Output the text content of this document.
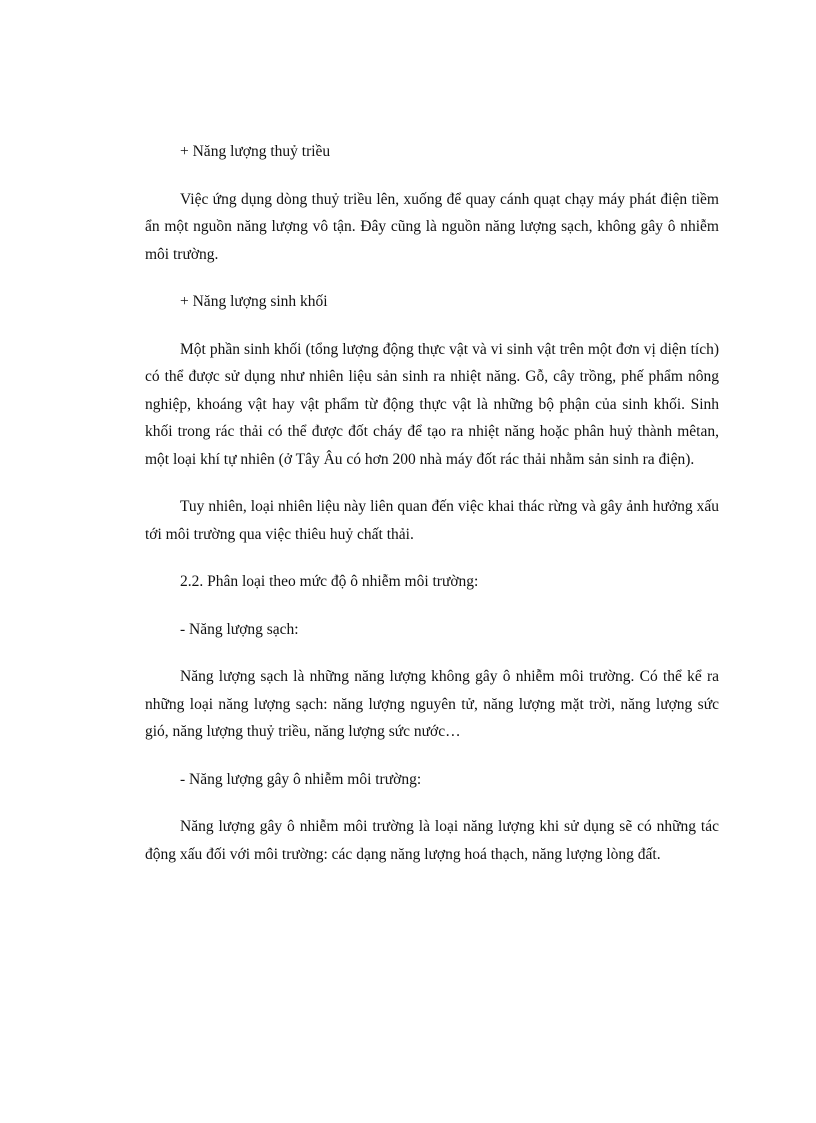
+ Năng lượng thuỷ triều

Việc ứng dụng dòng thuỷ triều lên, xuống để quay cánh quạt chạy máy phát điện tiềm ẩn một nguồn năng lượng vô tận. Đây cũng là nguồn năng lượng sạch, không gây ô nhiễm môi trường.

+ Năng lượng sinh khối

Một phần sinh khối (tổng lượng động thực vật và vi sinh vật trên một đơn vị diện tích) có thể được sử dụng như nhiên liệu sản sinh ra nhiệt năng. Gỗ, cây trồng, phế phẩm nông nghiệp, khoáng vật hay vật phẩm từ động thực vật là những bộ phận của sinh khối. Sinh khối trong rác thải có thể được đốt cháy để tạo ra nhiệt năng hoặc phân huỷ thành mêtan, một loại khí tự nhiên (ở Tây Âu có hơn 200 nhà máy đốt rác thải nhằm sản sinh ra điện).

Tuy nhiên, loại nhiên liệu này liên quan đến việc khai thác rừng và gây ảnh hưởng xấu tới môi trường qua việc thiêu huỷ chất thải.

2.2. Phân loại theo mức độ ô nhiễm môi trường:

- Năng lượng sạch:

Năng lượng sạch là những năng lượng không gây ô nhiễm môi trường. Có thể kể ra những loại năng lượng sạch: năng lượng nguyên tử, năng lượng mặt trời, năng lượng sức gió, năng lượng thuỷ triều, năng lượng sức nước…

- Năng lượng gây ô nhiễm môi trường:

Năng lượng gây ô nhiễm môi trường là loại năng lượng khi sử dụng sẽ có những tác động xấu đối với môi trường: các dạng năng lượng hoá thạch, năng lượng lòng đất.
